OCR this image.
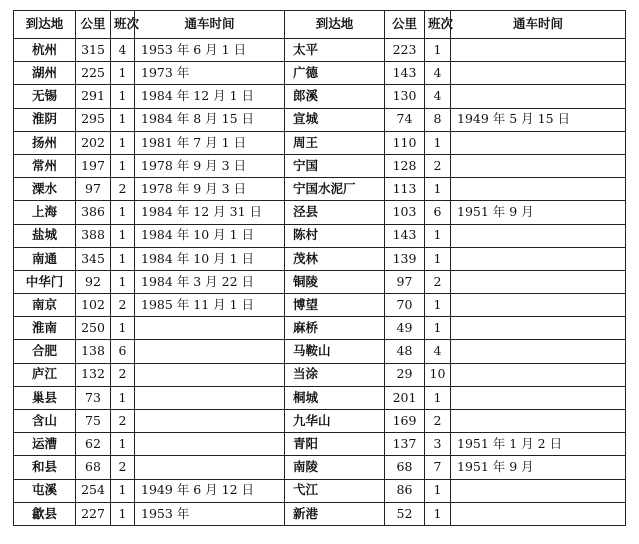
到达地	公里	班次	通车时间	到达地	公里	班次	通车时间
杭州	315	4	1953 年 6 月 1 日	太平	223	1	
湖州	225	1	1973 年	广德	143	4	
无锡	291	1	1984 年 12 月 1 日	郎溪	130	4	
淮阴	295	1	1984 年 8 月 15 日	宣城	74	8	1949 年 5 月 15 日
扬州	202	1	1981 年 7 月 1 日	周王	110	1	
常州	197	1	1978 年 9 月 3 日	宁国	128	2	
溧水	97	2	1978 年 9 月 3 日	宁国水泥厂	113	1	
上海	386	1	1984 年 12 月 31 日	泾县	103	6	1951 年 9 月
盐城	388	1	1984 年 10 月 1 日	陈村	143	1	
南通	345	1	1984 年 10 月 1 日	茂林	139	1	
中华门	92	1	1984 年 3 月 22 日	铜陵	97	2	
南京	102	2	1985 年 11 月 1 日	博望	70	1	
淮南	250	1		麻桥	49	1	
合肥	138	6		马鞍山	48	4	
庐江	132	2		当涂	29	10	
巢县	73	1		桐城	201	1	
含山	75	2		九华山	169	2	
运漕	62	1		青阳	137	3	1951 年 1 月 2 日
和县	68	2		南陵	68	7	1951 年 9 月
屯溪	254	1	1949 年 6 月 12 日	弋江	86	1	
歙县	227	1	1953 年	新港	52	1	
